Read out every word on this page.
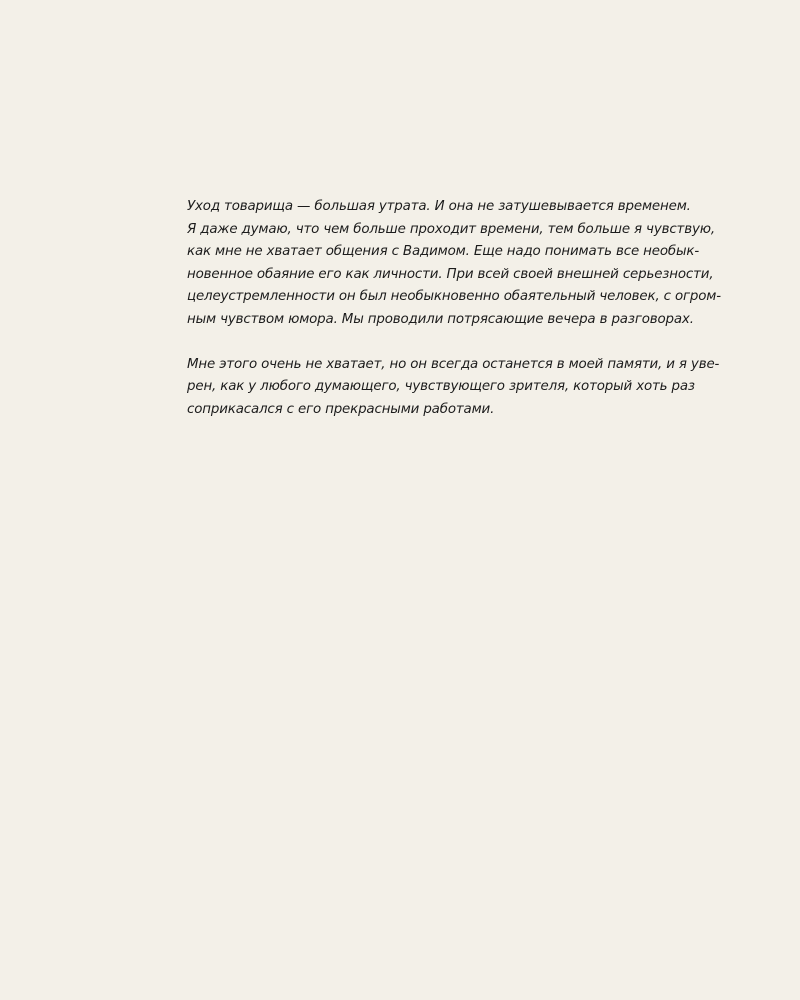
Уход товарища — большая утрата. И она не затушевывается временем.
Я даже думаю, что чем больше проходит времени, тем больше я чувствую,
как мне не хватает общения с Вадимом. Еще надо понимать все необык-
новенное обаяние его как личности. При всей своей внешней серьезности,
целеустремленности он был необыкновенно обаятельный человек, с огром-
ным чувством юмора. Мы проводили потрясающие вечера в разговорах.

Мне этого очень не хватает, но он всегда останется в моей памяти, и я уве-
рен, как у любого думающего, чувствующего зрителя, который хоть раз
соприкасался с его прекрасными работами.
